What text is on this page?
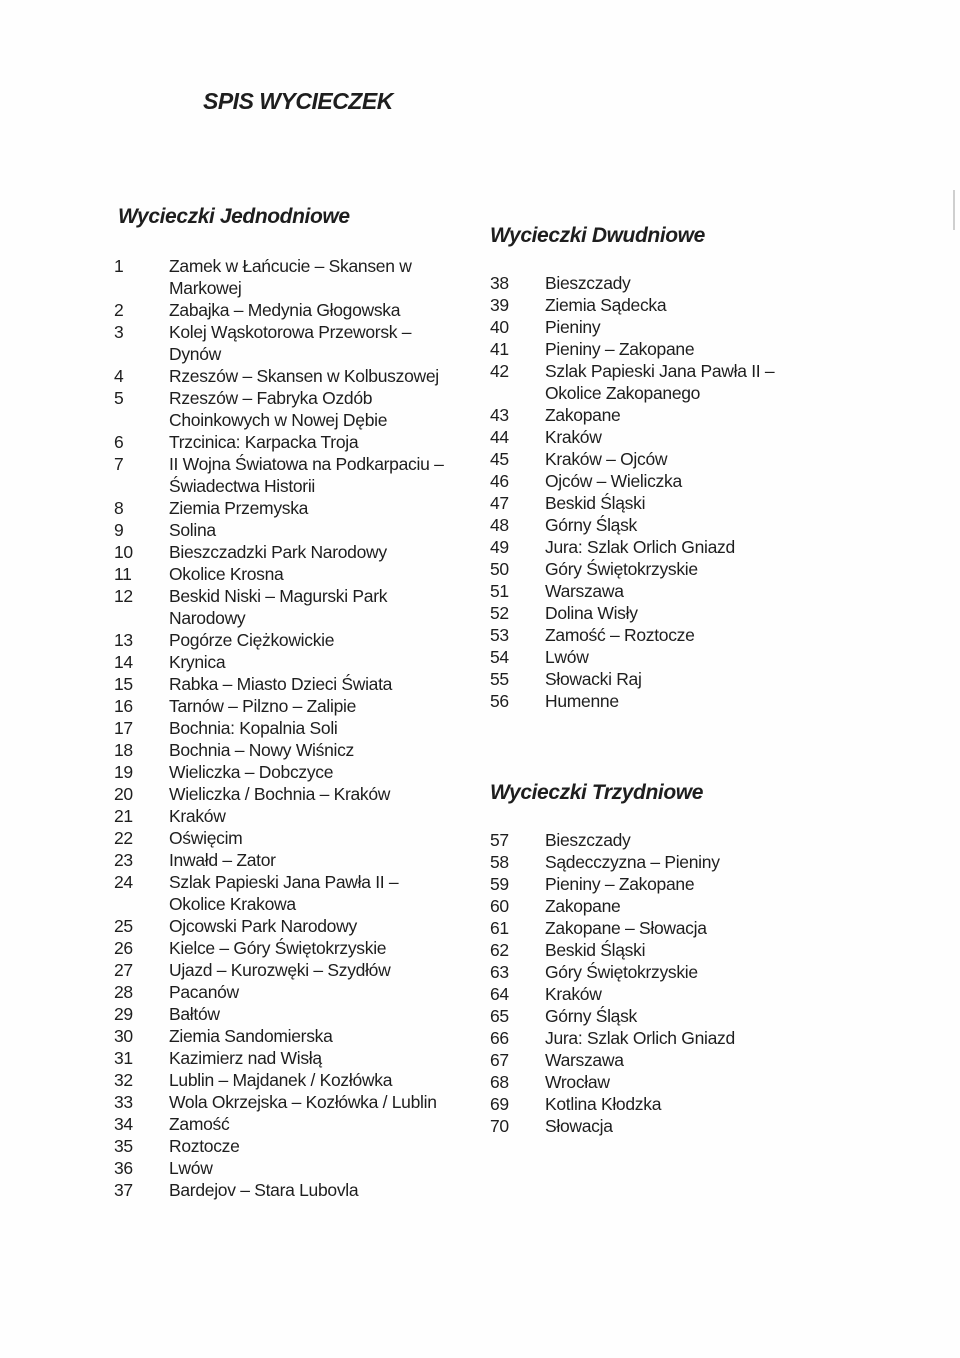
SPIS WYCIECZEK
Wycieczki Jednodniowe
1	Zamek w Łańcucie – Skansen w Markowej
2	Zabajka – Medynia Głogowska
3	Kolej Wąskotorowa Przeworsk – Dynów
4	Rzeszów – Skansen w Kolbuszowej
5	Rzeszów – Fabryka Ozdób Choinkowych w Nowej Dębie
6	Trzcinica: Karpacka Troja
7	II Wojna Światowa na Podkarpaciu – Świadectwa Historii
8	Ziemia Przemyska
9	Solina
10	Bieszczadzki Park Narodowy
11	Okolice Krosna
12	Beskid Niski – Magurski Park Narodowy
13	Pogórze Ciężkowickie
14	Krynica
15	Rabka – Miasto Dzieci Świata
16	Tarnów – Pilzno – Zalipie
17	Bochnia: Kopalnia Soli
18	Bochnia – Nowy Wiśnicz
19	Wieliczka – Dobczyce
20	Wieliczka / Bochnia – Kraków
21	Kraków
22	Oświęcim
23	Inwałd – Zator
24	Szlak Papieski Jana Pawła II – Okolice Krakowa
25	Ojcowski Park Narodowy
26	Kielce – Góry Świętokrzyskie
27	Ujazd – Kurozwęki – Szydłów
28	Pacanów
29	Bałtów
30	Ziemia Sandomierska
31	Kazimierz nad Wisłą
32	Lublin – Majdanek / Kozłówka
33	Wola Okrzejska – Kozłówka / Lublin
34	Zamość
35	Roztocze
36	Lwów
37	Bardejov – Stara Lubovla
Wycieczki Dwudniowe
38	Bieszczady
39	Ziemia Sądecka
40	Pieniny
41	Pieniny – Zakopane
42	Szlak Papieski Jana Pawła II – Okolice Zakopanego
43	Zakopane
44	Kraków
45	Kraków – Ojców
46	Ojców – Wieliczka
47	Beskid Śląski
48	Górny Śląsk
49	Jura: Szlak Orlich Gniazd
50	Góry Świętokrzyskie
51	Warszawa
52	Dolina Wisły
53	Zamość – Roztocze
54	Lwów
55	Słowacki Raj
56	Humenne
Wycieczki Trzydniowe
57	Bieszczady
58	Sądecczyzna – Pieniny
59	Pieniny – Zakopane
60	Zakopane
61	Zakopane – Słowacja
62	Beskid Śląski
63	Góry Świętokrzyskie
64	Kraków
65	Górny Śląsk
66	Jura: Szlak Orlich Gniazd
67	Warszawa
68	Wrocław
69	Kotlina Kłodzka
70	Słowacja
